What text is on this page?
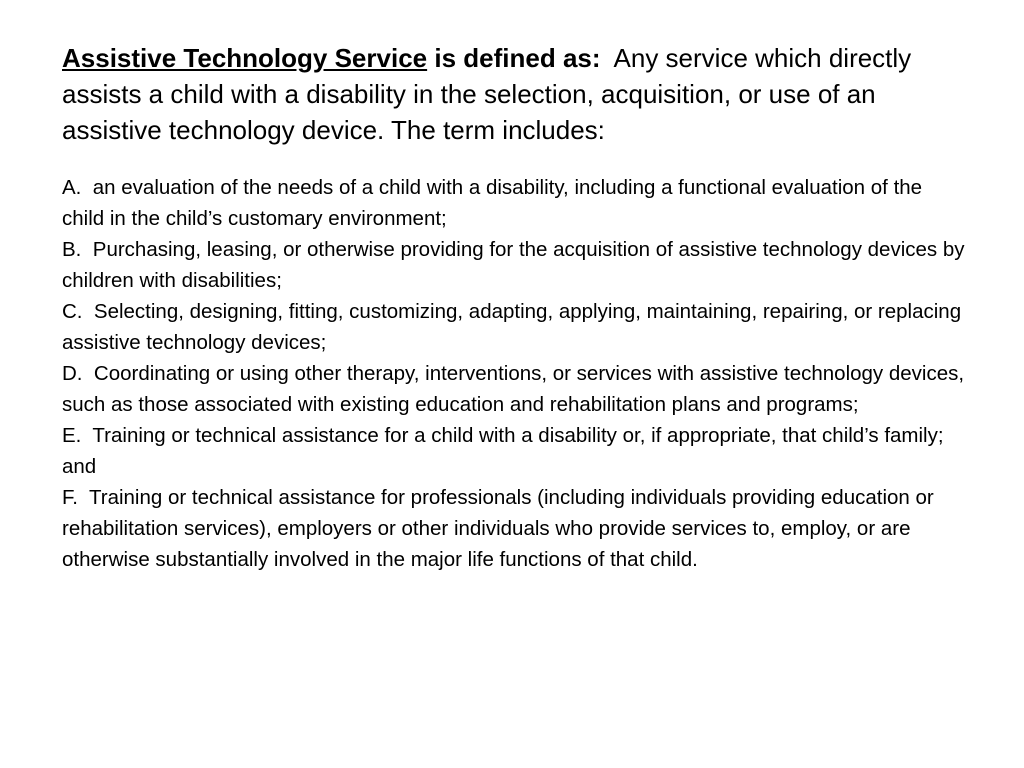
Assistive Technology Service is defined as: Any service which directly assists a child with a disability in the selection, acquisition, or use of an assistive technology device. The term includes:

A. an evaluation of the needs of a child with a disability, including a functional evaluation of the child in the child’s customary environment;

B. Purchasing, leasing, or otherwise providing for the acquisition of assistive technology devices by children with disabilities;

C. Selecting, designing, fitting, customizing, adapting, applying, maintaining, repairing, or replacing assistive technology devices;

D. Coordinating or using other therapy, interventions, or services with assistive technology devices, such as those associated with existing education and rehabilitation plans and programs;

E. Training or technical assistance for a child with a disability or, if appropriate, that child’s family; and

F. Training or technical assistance for professionals (including individuals providing education or rehabilitation services), employers or other individuals who provide services to, employ, or are otherwise substantially involved in the major life functions of that child.
